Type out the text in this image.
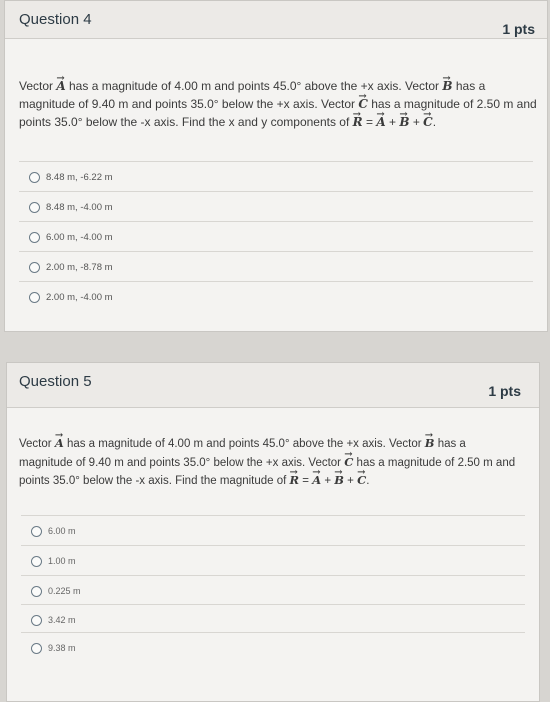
Question 4
1 pts
Vector → A has a magnitude of 4.00 m and points 45.0° above the +x axis. Vector → B has a magnitude of 9.40 m and points 35.0° below the +x axis. Vector → C has a magnitude of 2.50 m and points 35.0° below the -x axis. Find the x and y components of → R = → A + → B + → C.
8.48 m, -6.22 m
8.48 m, -4.00 m
6.00 m, -4.00 m
2.00 m, -8.78 m
2.00 m, -4.00 m
Question 5
1 pts
Vector → A has a magnitude of 4.00 m and points 45.0° above the +x axis. Vector → B has a magnitude of 9.40 m and points 35.0° below the +x axis. Vector → C has a magnitude of 2.50 m and points 35.0° below the -x axis. Find the magnitude of → R = → A + → B + → C.
6.00 m
1.00 m
0.225 m
3.42 m
9.38 m
